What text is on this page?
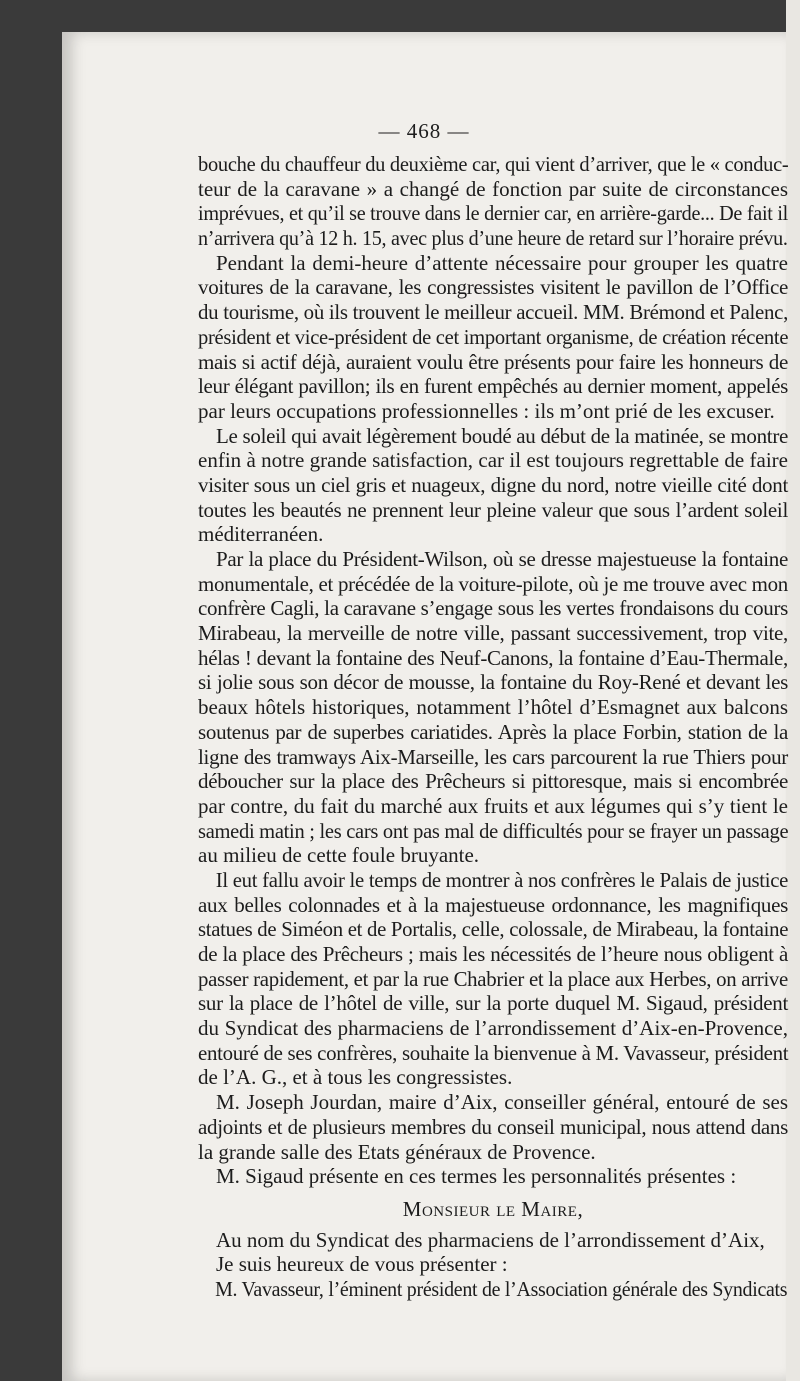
— 468 —
bouche du chauffeur du deuxième car, qui vient d’arriver, que le « conduc-
teur de la caravane » a changé de fonction par suite de circonstances
imprévues, et qu’il se trouve dans le dernier car, en arrière-garde... De fait il
n’arrivera qu’à 12 h. 15, avec plus d’une heure de retard sur l’horaire prévu.
Pendant la demi-heure d’attente nécessaire pour grouper les quatre
voitures de la caravane, les congressistes visitent le pavillon de l’Office
du tourisme, où ils trouvent le meilleur accueil. MM. Brémond et Palenc,
président et vice-président de cet important organisme, de création récente
mais si actif déjà, auraient voulu être présents pour faire les honneurs de
leur élégant pavillon; ils en furent empêchés au dernier moment, appelés
par leurs occupations professionnelles : ils m’ont prié de les excuser.
Le soleil qui avait légèrement boudé au début de la matinée, se montre
enfin à notre grande satisfaction, car il est toujours regrettable de faire
visiter sous un ciel gris et nuageux, digne du nord, notre vieille cité dont
toutes les beautés ne prennent leur pleine valeur que sous l’ardent soleil
méditerranéen.
Par la place du Président-Wilson, où se dresse majestueuse la fontaine
monumentale, et précédée de la voiture-pilote, où je me trouve avec mon
confrère Cagli, la caravane s’engage sous les vertes frondaisons du cours
Mirabeau, la merveille de notre ville, passant successivement, trop vite,
hélas ! devant la fontaine des Neuf-Canons, la fontaine d’Eau-Thermale,
si jolie sous son décor de mousse, la fontaine du Roy-René et devant les
beaux hôtels historiques, notamment l’hôtel d’Esmagnet aux balcons
soutenus par de superbes cariatides. Après la place Forbin, station de la
ligne des tramways Aix-Marseille, les cars parcourent la rue Thiers pour
déboucher sur la place des Prêcheurs si pittoresque, mais si encombrée
par contre, du fait du marché aux fruits et aux légumes qui s’y tient le
samedi matin ; les cars ont pas mal de difficultés pour se frayer un passage
au milieu de cette foule bruyante.
Il eut fallu avoir le temps de montrer à nos confrères le Palais de justice
aux belles colonnades et à la majestueuse ordonnance, les magnifiques
statues de Siméon et de Portalis, celle, colossale, de Mirabeau, la fontaine
de la place des Prêcheurs ; mais les nécessités de l’heure nous obligent à
passer rapidement, et par la rue Chabrier et la place aux Herbes, on arrive
sur la place de l’hôtel de ville, sur la porte duquel M. Sigaud, président
du Syndicat des pharmaciens de l’arrondissement d’Aix-en-Provence,
entouré de ses confrères, souhaite la bienvenue à M. Vavasseur, président
de l’A. G., et à tous les congressistes.
M. Joseph Jourdan, maire d’Aix, conseiller général, entouré de ses
adjoints et de plusieurs membres du conseil municipal, nous attend dans
la grande salle des Etats généraux de Provence.
M. Sigaud présente en ces termes les personnalités présentes :
Monsieur le Maire,
Au nom du Syndicat des pharmaciens de l’arrondissement d’Aix,
Je suis heureux de vous présenter :
M. Vavasseur, l’éminent président de l’Association générale des Syndicats
